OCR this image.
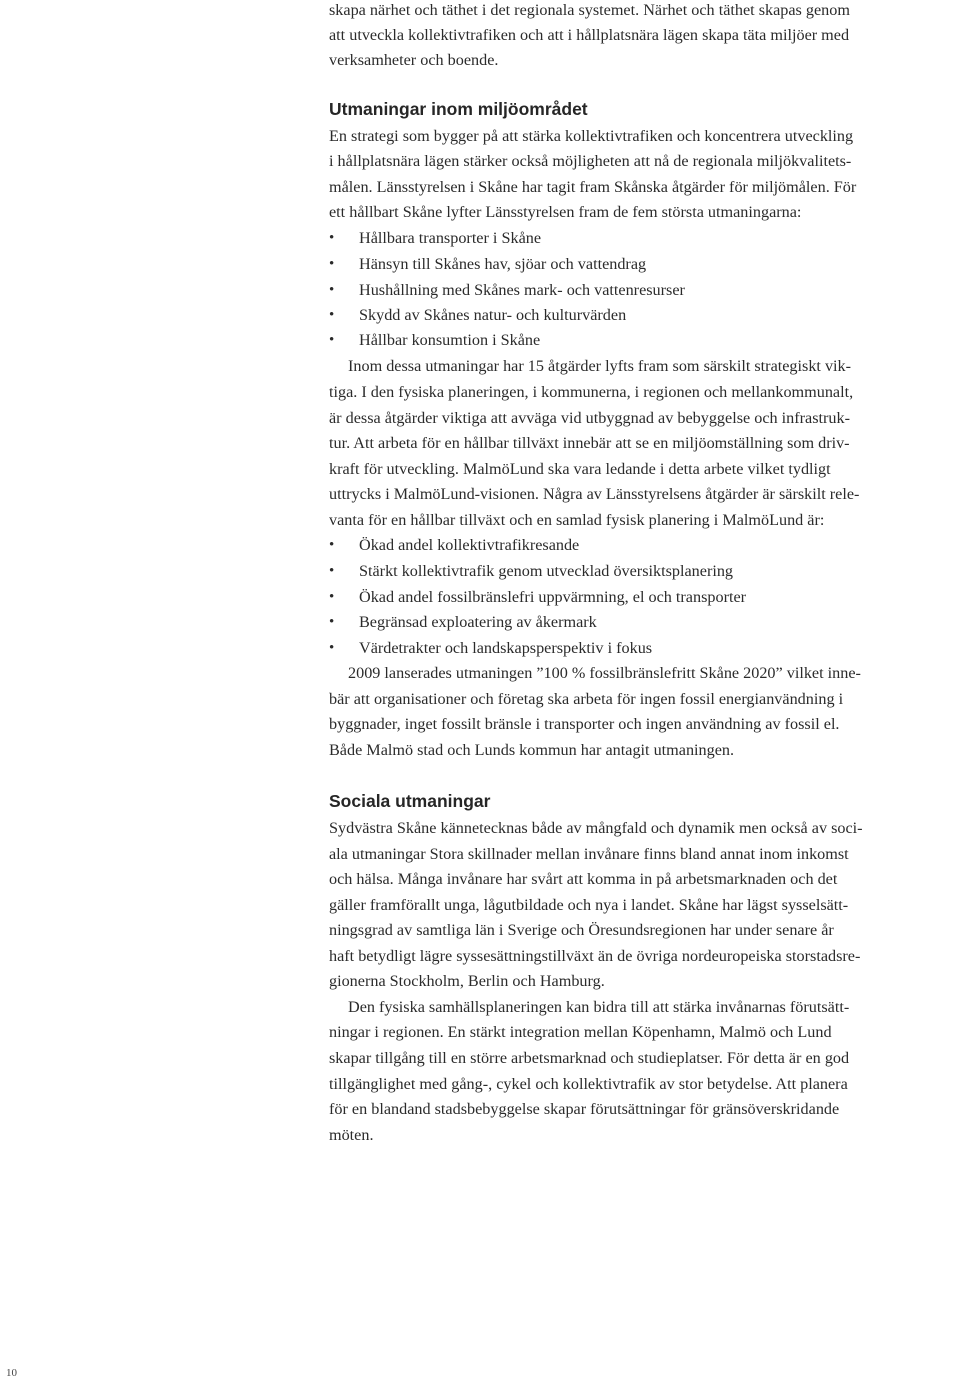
skapa närhet och täthet i det regionala systemet. Närhet och täthet skapas genom
att utveckla kollektivtrafiken och att i hållplatsnära lägen skapa täta miljöer med
verksamheter och boende.
Utmaningar inom miljöområdet
En strategi som bygger på att stärka kollektivtrafiken och koncentrera utveckling
i hållplatsnära lägen stärker också möjligheten att nå de regionala miljökvalitets-
målen. Länsstyrelsen i Skåne har tagit fram Skånska åtgärder för miljömålen. För
ett hållbart Skåne lyfter Länsstyrelsen fram de fem största utmaningarna:
• Hållbara transporter i Skåne
• Hänsyn till Skånes hav, sjöar och vattendrag
• Hushållning med Skånes mark- och vattenresurser
• Skydd av Skånes natur- och kulturvärden
• Hållbar konsumtion i Skåne
Inom dessa utmaningar har 15 åtgärder lyfts fram som särskilt strategiskt vik-
tiga. I den fysiska planeringen, i kommunerna, i regionen och mellankommunalt,
är dessa åtgärder viktiga att avväga vid utbyggnad av bebyggelse och infrastruk-
tur. Att arbeta för en hållbar tillväxt innebär att se en miljöomställning som driv-
kraft för utveckling. MalmöLund ska vara ledande i detta arbete vilket tydligt
uttrycks i MalmöLund-visionen. Några av Länsstyrelsens åtgärder är särskilt rele-
vanta för en hållbar tillväxt och en samlad fysisk planering i MalmöLund är:
• Ökad andel kollektivtrafikresande
• Stärkt kollektivtrafik genom utvecklad översiktsplanering
• Ökad andel fossilbränslefri uppvärmning, el och transporter
• Begränsad exploatering av åkermark
• Värdetrakter och landskapsperspektiv i fokus
2009 lanserades utmaningen ”100 % fossilbränslefritt Skåne 2020” vilket inne-
bär att organisationer och företag ska arbeta för ingen fossil energianvändning i
byggnader, inget fossilt bränsle i transporter och ingen användning av fossil el.
Både Malmö stad och Lunds kommun har antagit utmaningen.
Sociala utmaningar
Sydvästra Skåne kännetecknas både av mångfald och dynamik men också av soci-
ala utmaningar Stora skillnader mellan invånare finns bland annat inom inkomst
och hälsa. Många invånare har svårt att komma in på arbetsmarknaden och det
gäller framförallt unga, lågutbildade och nya i landet. Skåne har lägst sysselsätt-
ningsgrad av samtliga län i Sverige och Öresundsregionen har under senare år
haft betydligt lägre syssesättningstillväxt än de övriga nordeuropeiska storstadsre-
gionerna Stockholm, Berlin och Hamburg.
Den fysiska samhällsplaneringen kan bidra till att stärka invånarnas förutsätt-
ningar i regionen. En stärkt integration mellan Köpenhamn, Malmö och Lund
skapar tillgång till en större arbetsmarknad och studieplatser. För detta är en god
tillgänglighet med gång-, cykel och kollektivtrafik av stor betydelse. Att planera
för en blandand stadsbebyggelse skapar förutsättningar för gränsöverskridande
möten.
10
